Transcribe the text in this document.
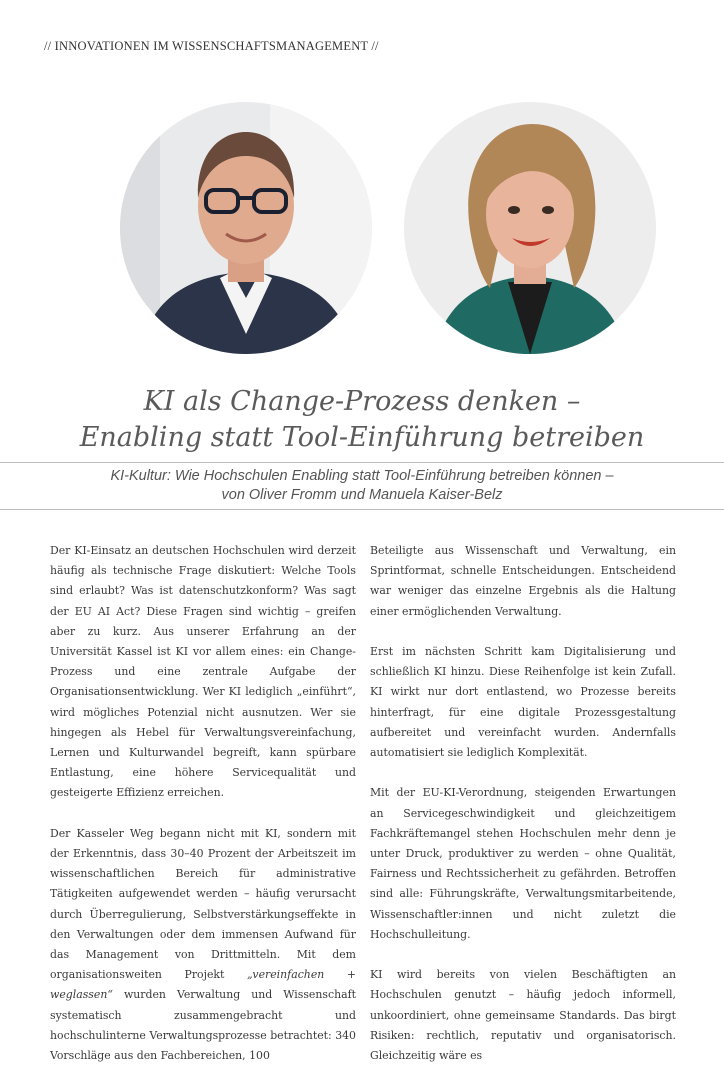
// INNOVATIONEN IM WISSENSCHAFTSMANAGEMENT //
KI als Change-Prozess denken –
Enabling statt Tool-Einführung betreiben
KI-Kultur: Wie Hochschulen Enabling statt Tool-Einführung betreiben können –
von Oliver Fromm und Manuela Kaiser-Belz

Der KI-Einsatz an deutschen Hochschulen wird derzeit häufig als technische Frage diskutiert: Welche Tools sind erlaubt? Was ist datenschutzkonform? Was sagt der EU AI Act? Diese Fragen sind wichtig – greifen aber zu kurz. Aus unserer Erfahrung an der Universität Kassel ist KI vor allem eines: ein Change-Prozess und eine zentrale Aufgabe der Organisationsentwicklung. Wer KI lediglich „einführt“, wird mögliches Potenzial nicht ausnutzen. Wer sie hingegen als Hebel für Verwaltungsvereinfachung, Lernen und Kulturwandel begreift, kann spürbare Entlastung, eine höhere Servicequalität und gesteigerte Effizienz erreichen.

Der Kasseler Weg begann nicht mit KI, sondern mit der Erkenntnis, dass 30–40 Prozent der Arbeitszeit im wissenschaftlichen Bereich für administrative Tätigkeiten aufgewendet werden – häufig verursacht durch Überregulierung, Selbstverstärkungseffekte in den Verwaltungen oder dem immensen Aufwand für das Management von Drittmitteln. Mit dem organisationsweiten Projekt „vereinfachen + weglassen“ wurden Verwaltung und Wissenschaft systematisch zusammengebracht und hochschulinterne Verwaltungsprozesse betrachtet: 340 Vorschläge aus den Fachbereichen, 100

Beteiligte aus Wissenschaft und Verwaltung, ein Sprintformat, schnelle Entscheidungen. Entscheidend war weniger das einzelne Ergebnis als die Haltung einer ermöglichenden Verwaltung.

Erst im nächsten Schritt kam Digitalisierung und schließlich KI hinzu. Diese Reihenfolge ist kein Zufall. KI wirkt nur dort entlastend, wo Prozesse bereits hinterfragt, für eine digitale Prozessgestaltung aufbereitet und vereinfacht wurden. Andernfalls automatisiert sie lediglich Komplexität.

Mit der EU-KI-Verordnung, steigenden Erwartungen an Servicegeschwindigkeit und gleichzeitigem Fachkräftemangel stehen Hochschulen mehr denn je unter Druck, produktiver zu werden – ohne Qualität, Fairness und Rechtssicherheit zu gefährden. Betroffen sind alle: Führungskräfte, Verwaltungsmitarbeitende, Wissenschaftler:innen und nicht zuletzt die Hochschulleitung.

KI wird bereits von vielen Beschäftigten an Hochschulen genutzt – häufig jedoch informell, unkoordiniert, ohne gemeinsame Standards. Das birgt Risiken: rechtlich, reputativ und organisatorisch. Gleichzeitig wäre es
